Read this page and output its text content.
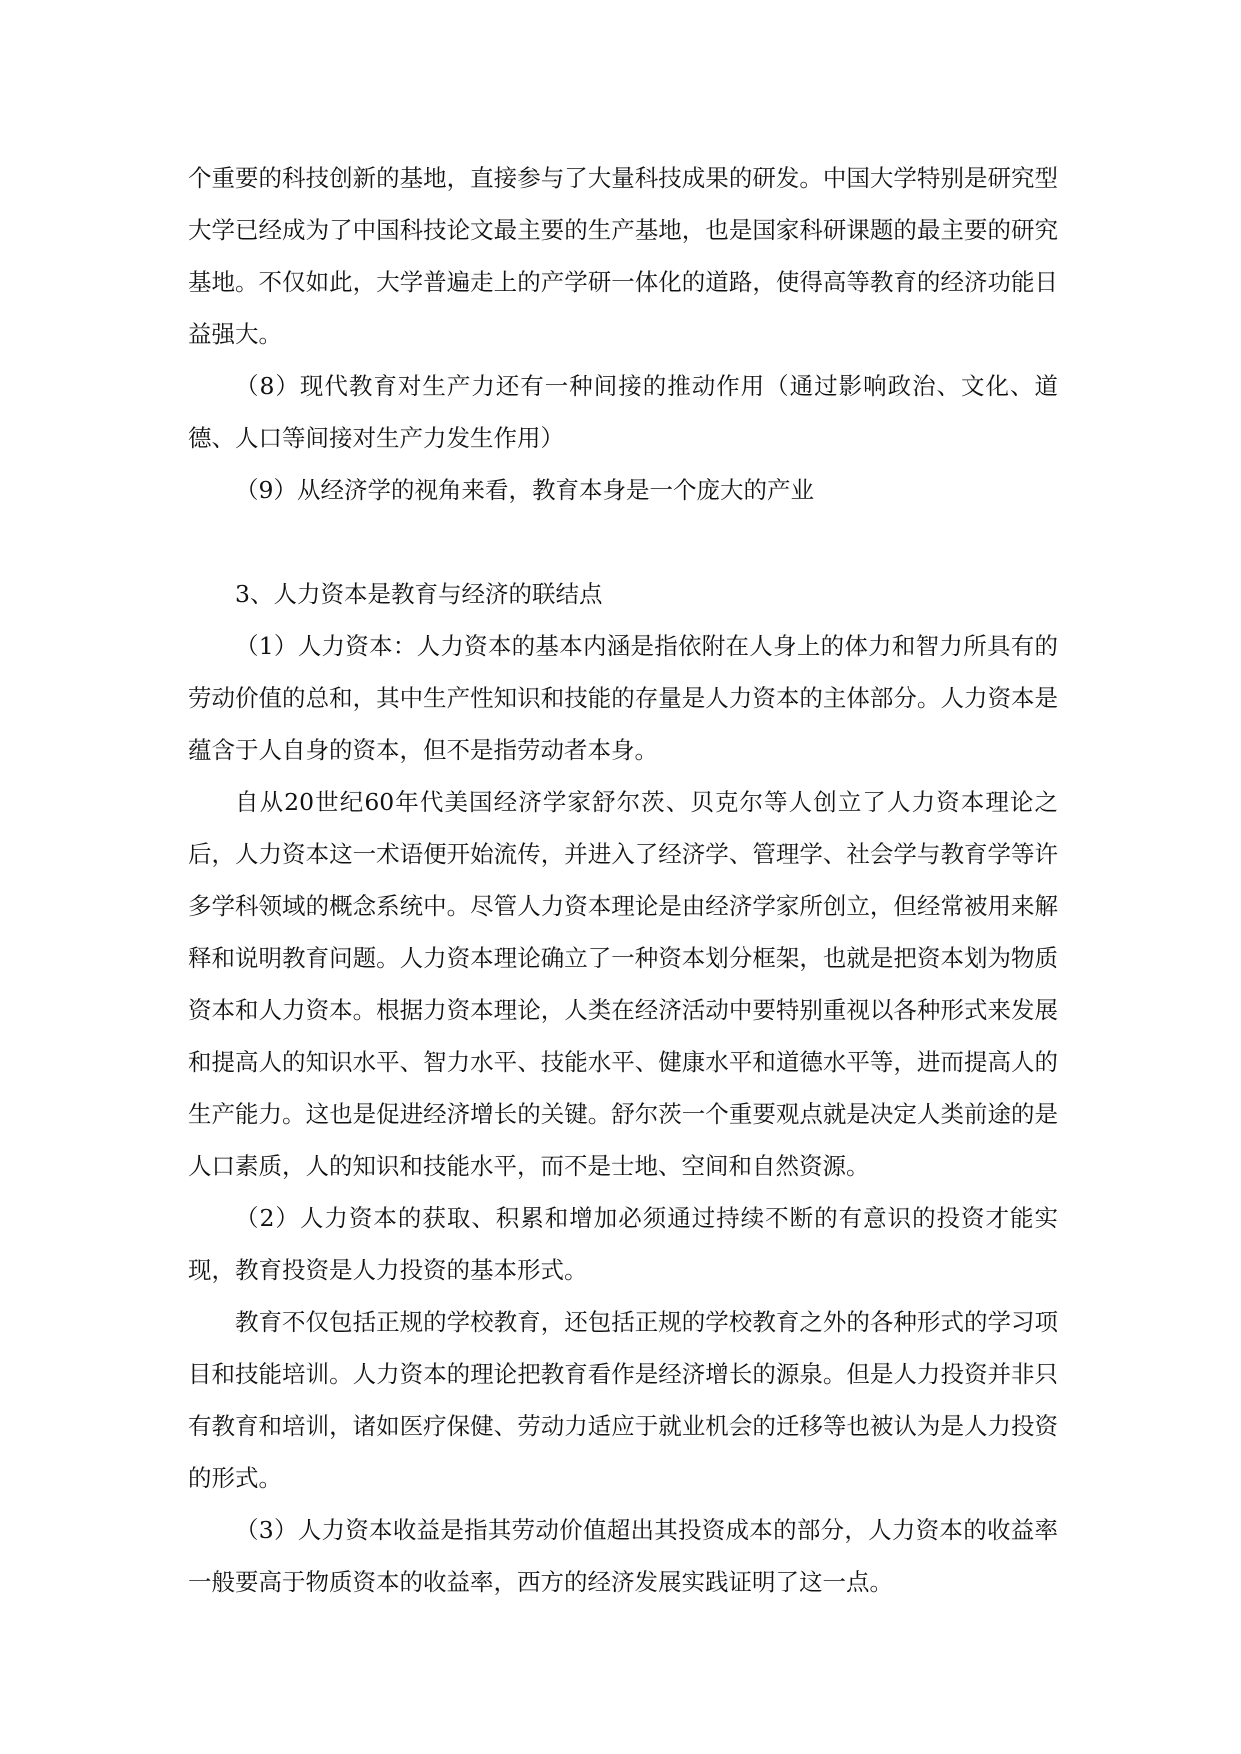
个重要的科技创新的基地，直接参与了大量科技成果的研发。中国大学特别是研究型大学已经成为了中国科技论文最主要的生产基地，也是国家科研课题的最主要的研究基地。不仅如此，大学普遍走上的产学研一体化的道路，使得高等教育的经济功能日益强大。

（8）现代教育对生产力还有一种间接的推动作用（通过影响政治、文化、道德、人口等间接对生产力发生作用）

（9）从经济学的视角来看，教育本身是一个庞大的产业

3、人力资本是教育与经济的联结点

（1）人力资本：人力资本的基本内涵是指依附在人身上的体力和智力所具有的劳动价值的总和，其中生产性知识和技能的存量是人力资本的主体部分。人力资本是蕴含于人自身的资本，但不是指劳动者本身。

自从20世纪60年代美国经济学家舒尔茨、贝克尔等人创立了人力资本理论之后，人力资本这一术语便开始流传，并进入了经济学、管理学、社会学与教育学等许多学科领域的概念系统中。尽管人力资本理论是由经济学家所创立，但经常被用来解释和说明教育问题。人力资本理论确立了一种资本划分框架，也就是把资本划为物质资本和人力资本。根据力资本理论，人类在经济活动中要特别重视以各种形式来发展和提高人的知识水平、智力水平、技能水平、健康水平和道德水平等，进而提高人的生产能力。这也是促进经济增长的关键。舒尔茨一个重要观点就是决定人类前途的是人口素质，人的知识和技能水平，而不是士地、空间和自然资源。

（2）人力资本的获取、积累和增加必须通过持续不断的有意识的投资才能实现，教育投资是人力投资的基本形式。

教育不仅包括正规的学校教育，还包括正规的学校教育之外的各种形式的学习项目和技能培训。人力资本的理论把教育看作是经济增长的源泉。但是人力投资并非只有教育和培训，诸如医疗保健、劳动力适应于就业机会的迁移等也被认为是人力投资的形式。

（3）人力资本收益是指其劳动价值超出其投资成本的部分，人力资本的收益率一般要高于物质资本的收益率，西方的经济发展实践证明了这一点。
